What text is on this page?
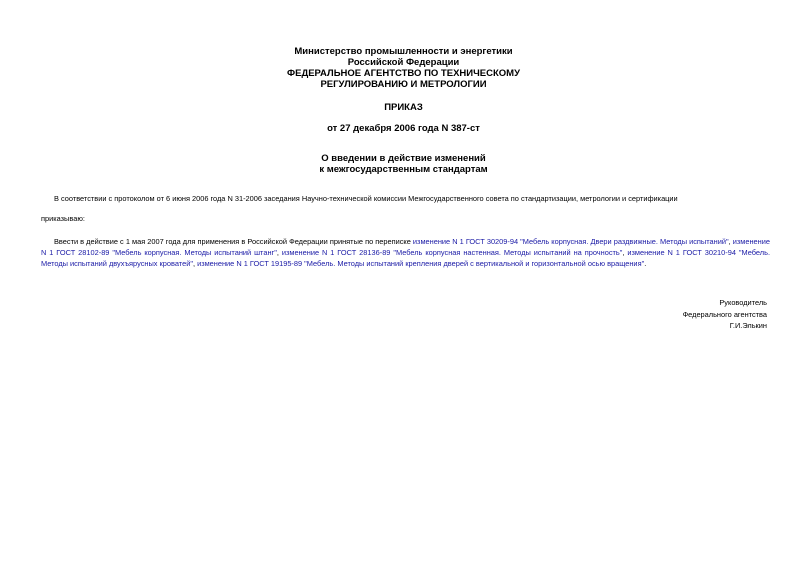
Министерство промышленности и энергетики
Российской Федерации
ФЕДЕРАЛЬНОЕ АГЕНТСТВО ПО ТЕХНИЧЕСКОМУ
РЕГУЛИРОВАНИЮ И МЕТРОЛОГИИ
ПРИКАЗ
от 27 декабря 2006 года N 387-ст
О введении в действие изменений
к межгосударственным стандартам
В соответствии с протоколом от 6 июня 2006 года N 31-2006 заседания Научно-технической комиссии Межгосударственного совета по стандартизации, метрологии и сертификации
приказываю:
Ввести в действие с 1 мая 2007 года для применения в Российской Федерации принятые по переписке изменение N 1 ГОСТ 30209-94 "Мебель корпусная. Двери раздвижные. Методы испытаний", изменение N 1 ГОСТ 28102-89 "Мебель корпусная. Методы испытаний штанг", изменение N 1 ГОСТ 28136-89 "Мебель корпусная настенная. Методы испытаний на прочность", изменение N 1 ГОСТ 30210-94 "Мебель. Методы испытаний двухъярусных кроватей", изменение N 1 ГОСТ 19195-89 "Мебель. Методы испытаний крепления дверей с вертикальной и горизонтальной осью вращения".
Руководитель
Федерального агентства
Г.И.Элькин
